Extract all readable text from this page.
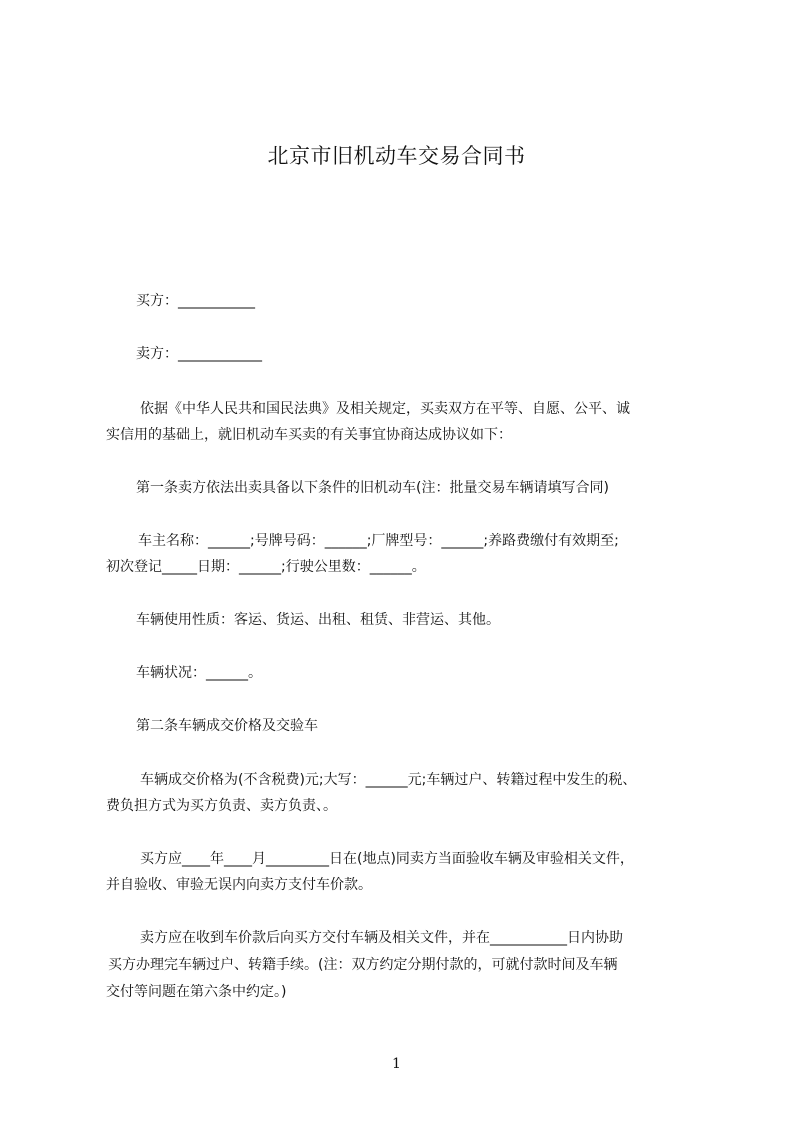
北京市旧机动车交易合同书
买方：___________
卖方：____________
依据《中华人民共和国民法典》及相关规定，买卖双方在平等、自愿、公平、诚
实信用的基础上，就旧机动车买卖的有关事宜协商达成协议如下：
第一条卖方依法出卖具备以下条件的旧机动车(注：批量交易车辆请填写合同)
车主名称：______;号牌号码：______;厂牌型号：______;养路费缴付有效期至;
初次登记_____日期：______;行驶公里数：______。
车辆使用性质：客运、货运、出租、租赁、非营运、其他。
车辆状况：______。
第二条车辆成交价格及交验车
车辆成交价格为(不含税费)元;大写：______元;车辆过户、转籍过程中发生的税、
费负担方式为买方负责、卖方负责、。
买方应____年____月_________日在(地点)同卖方当面验收车辆及审验相关文件，
并自验收、审验无误内向卖方支付车价款。
卖方应在收到车价款后向买方交付车辆及相关文件，并在___________日内协助
买方办理完车辆过户、转籍手续。(注：双方约定分期付款的，可就付款时间及车辆
交付等问题在第六条中约定。)
1
